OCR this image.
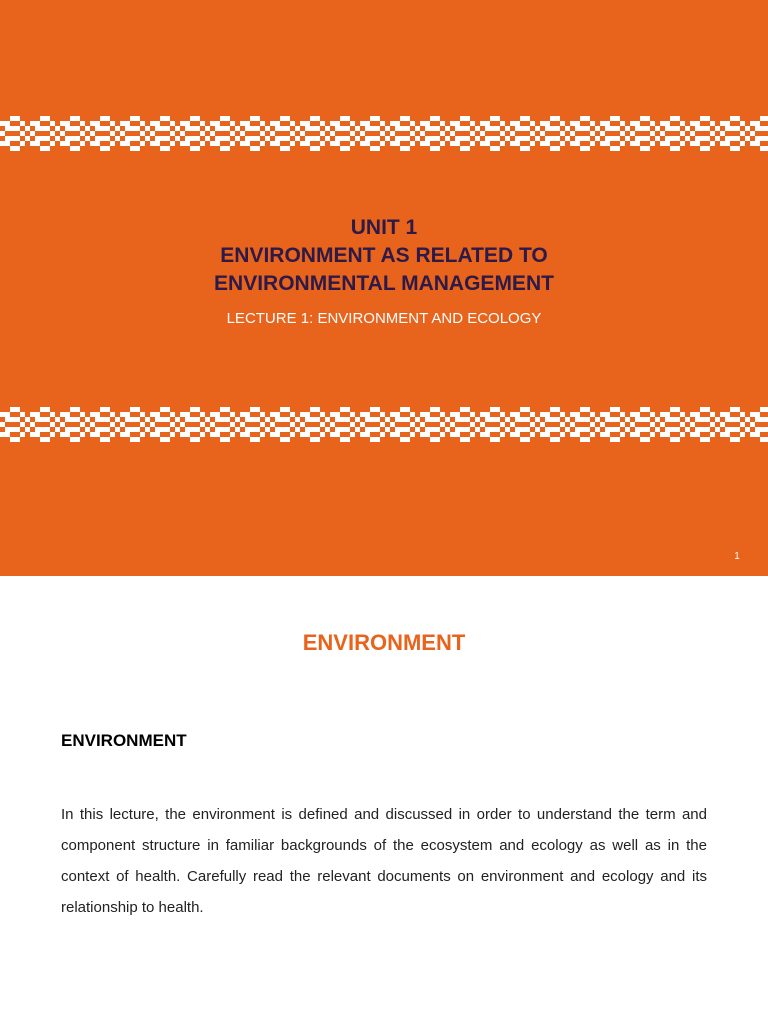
UNIT 1
ENVIRONMENT AS RELATED TO
ENVIRONMENTAL MANAGEMENT
LECTURE 1: ENVIRONMENT AND ECOLOGY
1
ENVIRONMENT
ENVIRONMENT

In this lecture, the environment is defined and discussed in order to understand the term and component structure in familiar backgrounds of the ecosystem and ecology as well as in the context of health. Carefully read the relevant documents on environment and ecology and its relationship to health.
